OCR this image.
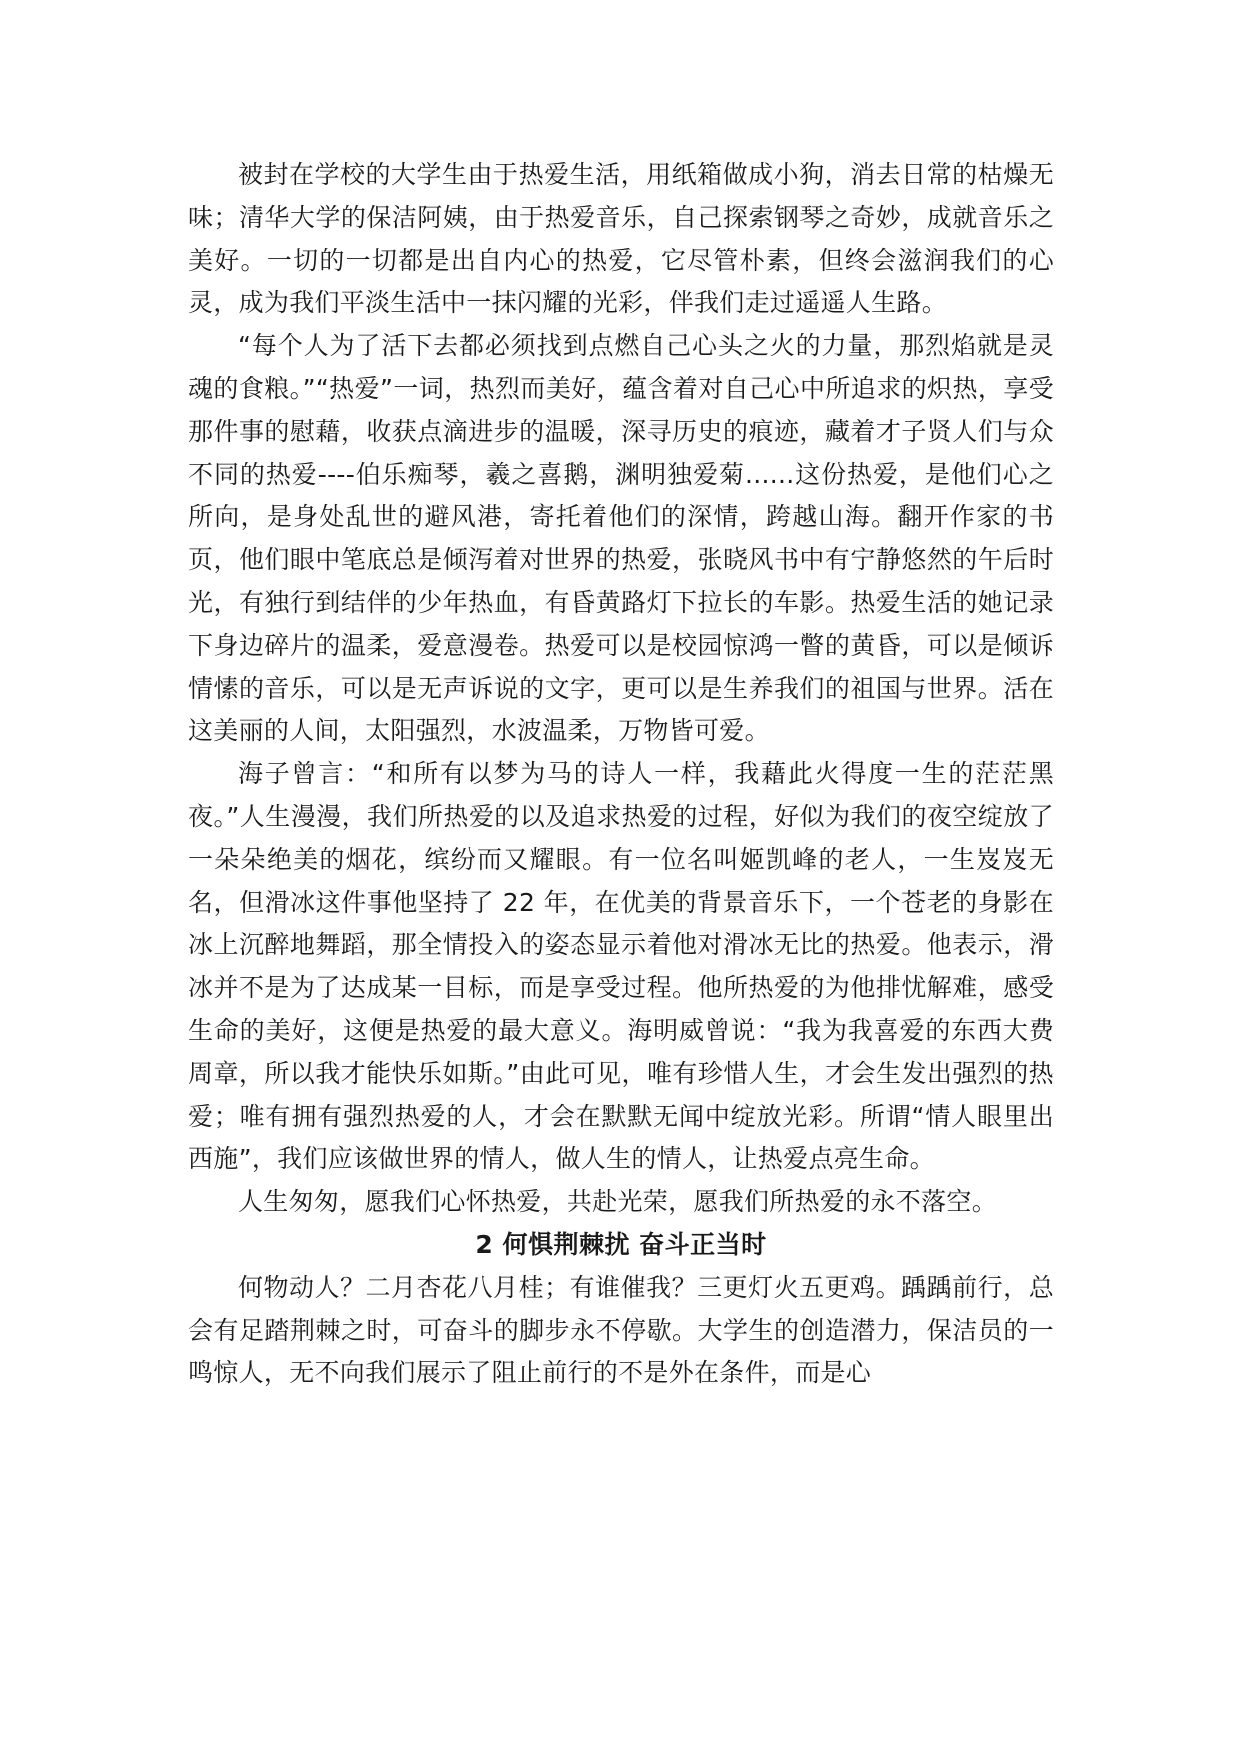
被封在学校的大学生由于热爱生活，用纸箱做成小狗，消去日常的枯燥无味；清华大学的保洁阿姨，由于热爱音乐，自己探索钢琴之奇妙，成就音乐之美好。一切的一切都是出自内心的热爱，它尽管朴素，但终会滋润我们的心灵，成为我们平淡生活中一抹闪耀的光彩，伴我们走过遥遥人生路。

“每个人为了活下去都必须找到点燃自己心头之火的力量，那烈焰就是灵魂的食粮。”“热爱”一词，热烈而美好，蕴含着对自己心中所追求的炽热，享受那件事的慰藉，收获点滴进步的温暖，深寻历史的痕迹，藏着才子贤人们与众不同的热爱----伯乐痴琴，羲之喜鹅，渊明独爱菊......这份热爱，是他们心之所向，是身处乱世的避风港，寄托着他们的深情，跨越山海。翻开作家的书页，他们眼中笔底总是倾泻着对世界的热爱，张晓风书中有宁静悠然的午后时光，有独行到结伴的少年热血，有昏黄路灯下拉长的车影。热爱生活的她记录下身边碎片的温柔，爱意漫卷。热爱可以是校园惊鸿一瞥的黄昏，可以是倾诉情愫的音乐，可以是无声诉说的文字，更可以是生养我们的祖国与世界。活在这美丽的人间，太阳强烈，水波温柔，万物皆可爱。

海子曾言：“和所有以梦为马的诗人一样，我藉此火得度一生的茫茫黑夜。”人生漫漫，我们所热爱的以及追求热爱的过程，好似为我们的夜空绽放了一朵朵绝美的烟花，缤纷而又耀眼。有一位名叫姬凯峰的老人，一生岌岌无名，但滑冰这件事他坚持了 22 年，在优美的背景音乐下，一个苍老的身影在冰上沉醉地舞蹈，那全情投入的姿态显示着他对滑冰无比的热爱。他表示，滑冰并不是为了达成某一目标，而是享受过程。他所热爱的为他排忧解难，感受生命的美好，这便是热爱的最大意义。海明威曾说：“我为我喜爱的东西大费周章，所以我才能快乐如斯。”由此可见，唯有珍惜人生，才会生发出强烈的热爱；唯有拥有强烈热爱的人，才会在默默无闻中绽放光彩。所谓“情人眼里出西施”，我们应该做世界的情人，做人生的情人，让热爱点亮生命。

人生匆匆，愿我们心怀热爱，共赴光荣，愿我们所热爱的永不落空。

2 何惧荆棘扰 奋斗正当时

何物动人？二月杏花八月桂；有谁催我？三更灯火五更鸡。踽踽前行，总会有足踏荆棘之时，可奋斗的脚步永不停歇。大学生的创造潜力，保洁员的一鸣惊人，无不向我们展示了阻止前行的不是外在条件，而是心
